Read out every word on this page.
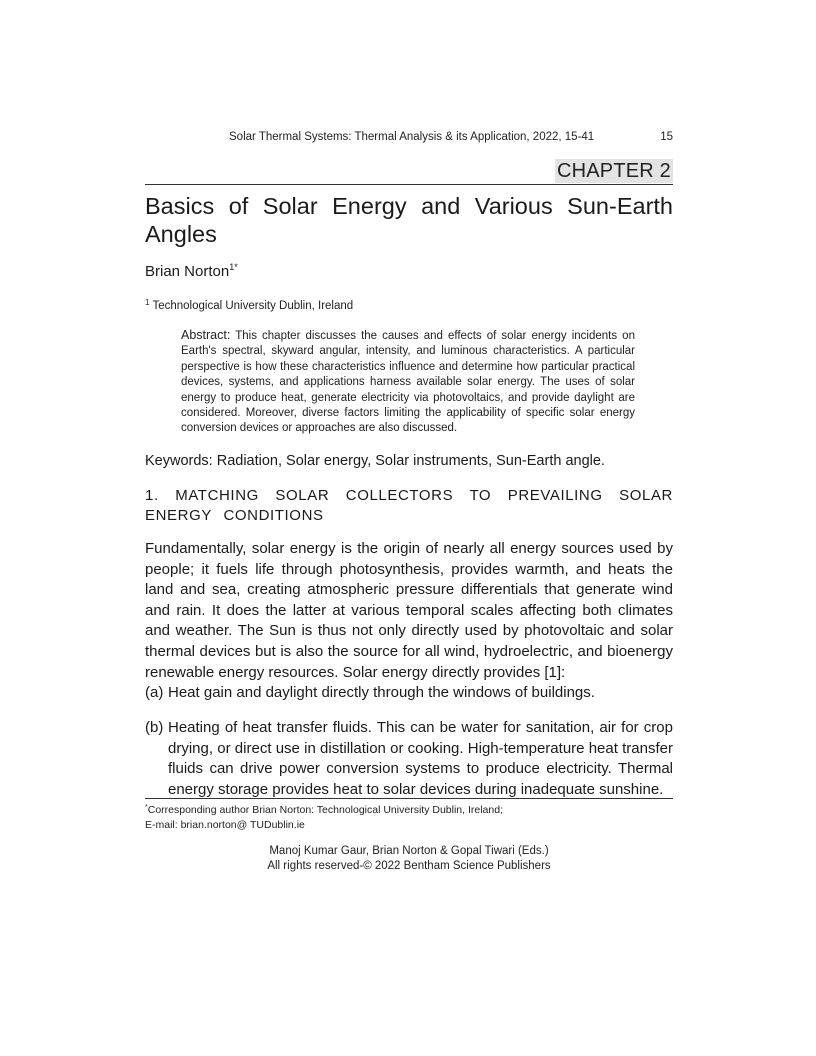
Solar Thermal Systems: Thermal Analysis & its Application, 2022, 15-41	15
CHAPTER 2
Basics of Solar Energy and Various Sun-Earth Angles
Brian Norton$^{1*}$
$^1$ Technological University Dublin, Ireland
Abstract: This chapter discusses the causes and effects of solar energy incidents on Earth's spectral, skyward angular, intensity, and luminous characteristics. A particular perspective is how these characteristics influence and determine how particular practical devices, systems, and applications harness available solar energy. The uses of solar energy to produce heat, generate electricity via photovoltaics, and provide daylight are considered. Moreover, diverse factors limiting the applicability of specific solar energy conversion devices or approaches are also discussed.
Keywords: Radiation, Solar energy, Solar instruments, Sun-Earth angle.
1. MATCHING SOLAR COLLECTORS TO PREVAILING SOLAR ENERGY CONDITIONS
Fundamentally, solar energy is the origin of nearly all energy sources used by people; it fuels life through photosynthesis, provides warmth, and heats the land and sea, creating atmospheric pressure differentials that generate wind and rain. It does the latter at various temporal scales affecting both climates and weather. The Sun is thus not only directly used by photovoltaic and solar thermal devices but is also the source for all wind, hydroelectric, and bioenergy renewable energy resources. Solar energy directly provides [1]:
(a) Heat gain and daylight directly through the windows of buildings.
(b) Heating of heat transfer fluids. This can be water for sanitation, air for crop drying, or direct use in distillation or cooking. High-temperature heat transfer fluids can drive power conversion systems to produce electricity. Thermal energy storage provides heat to solar devices during inadequate sunshine.
*Corresponding author Brian Norton: Technological University Dublin, Ireland;
E-mail: brian.norton@ TUDublin.ie
Manoj Kumar Gaur, Brian Norton & Gopal Tiwari (Eds.)
All rights reserved-© 2022 Bentham Science Publishers
